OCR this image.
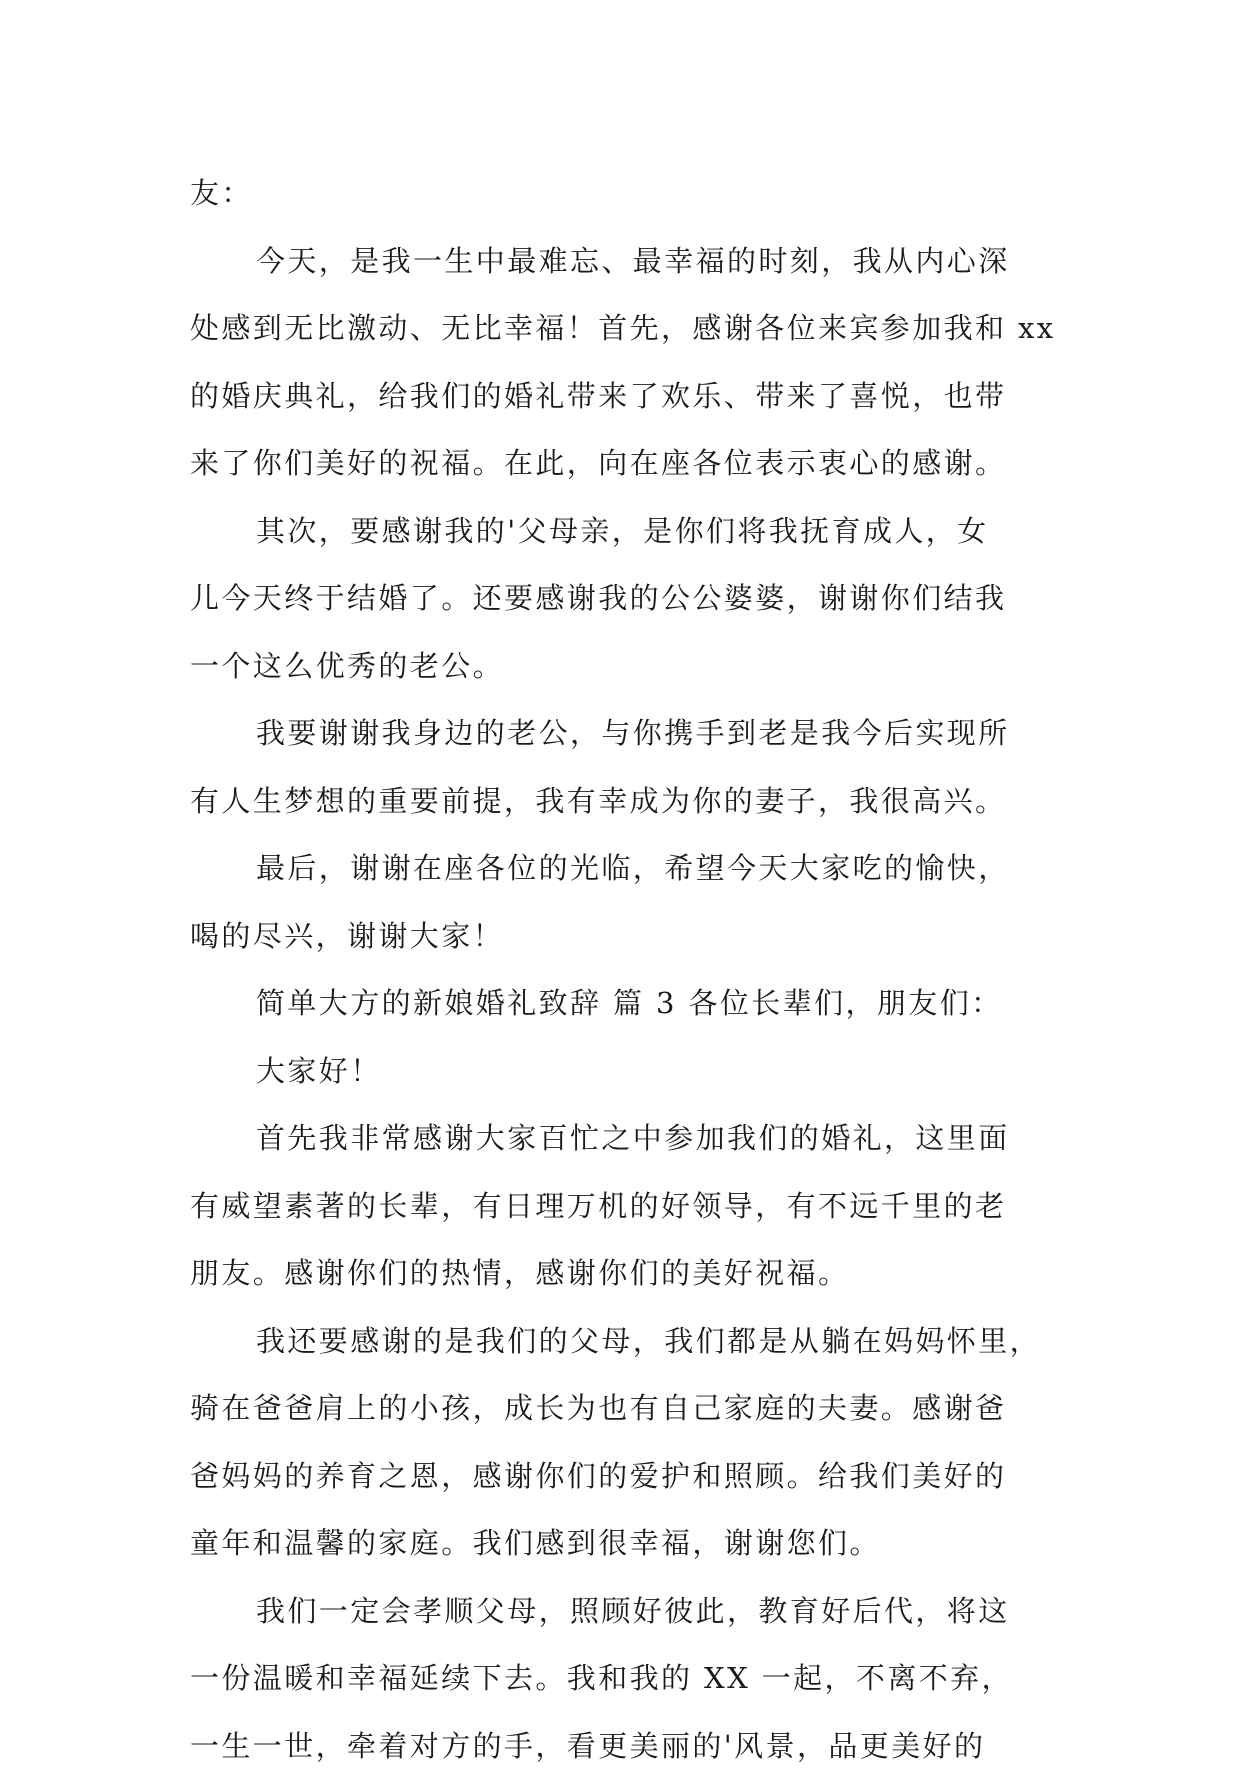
友：
今天，是我一生中最难忘、最幸福的时刻，我从内心深
处感到无比激动、无比幸福！首先，感谢各位来宾参加我和 xx
的婚庆典礼，给我们的婚礼带来了欢乐、带来了喜悦，也带
来了你们美好的祝福。在此，向在座各位表示衷心的感谢。
其次，要感谢我的'父母亲，是你们将我抚育成人，女
儿今天终于结婚了。还要感谢我的公公婆婆，谢谢你们结我
一个这么优秀的老公。
我要谢谢我身边的老公，与你携手到老是我今后实现所
有人生梦想的重要前提，我有幸成为你的妻子，我很高兴。
最后，谢谢在座各位的光临，希望今天大家吃的愉快，
喝的尽兴，谢谢大家！
简单大方的新娘婚礼致辞 篇 3 各位长辈们，朋友们：
大家好！
首先我非常感谢大家百忙之中参加我们的婚礼，这里面
有威望素著的长辈，有日理万机的好领导，有不远千里的老
朋友。感谢你们的热情，感谢你们的美好祝福。
我还要感谢的是我们的父母，我们都是从躺在妈妈怀里，
骑在爸爸肩上的小孩，成长为也有自己家庭的夫妻。感谢爸
爸妈妈的养育之恩，感谢你们的爱护和照顾。给我们美好的
童年和温馨的家庭。我们感到很幸福，谢谢您们。
我们一定会孝顺父母，照顾好彼此，教育好后代，将这
一份温暖和幸福延续下去。我和我的 XX 一起，不离不弃，
一生一世，牵着对方的手，看更美丽的'风景，品更美好的
